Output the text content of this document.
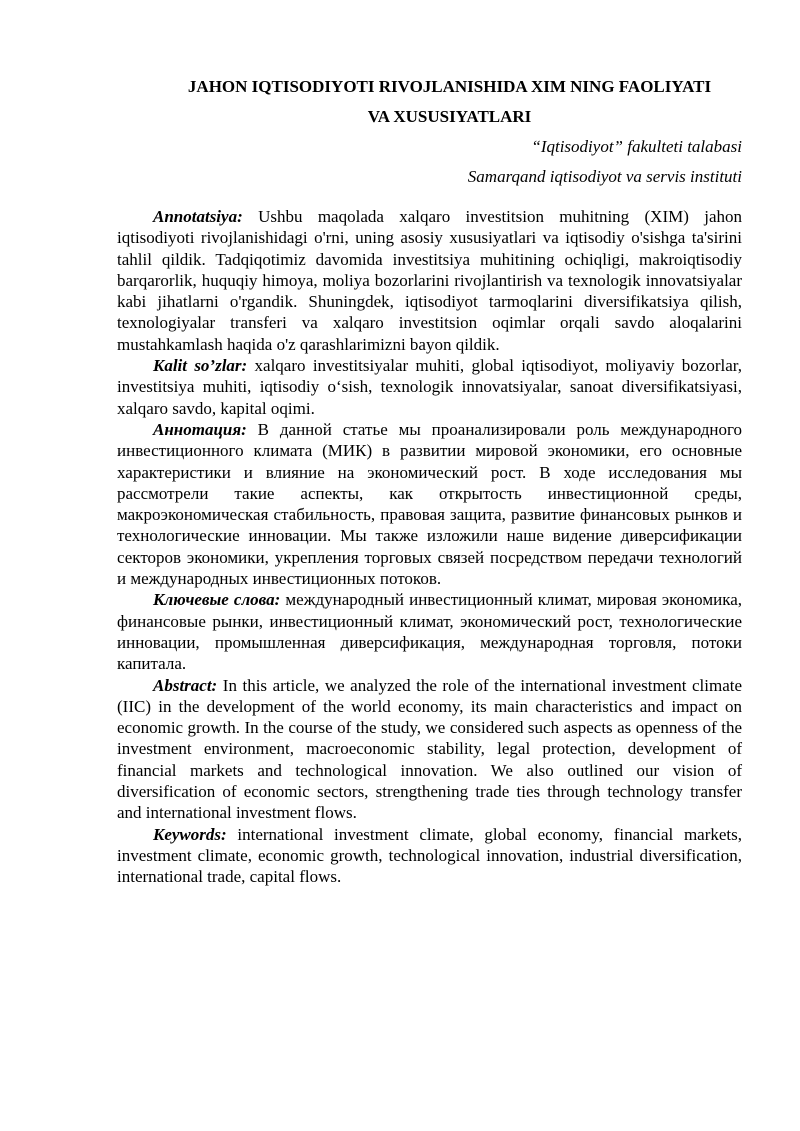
JAHON IQTISODIYOTI RIVOJLANISHIDA XIM NING FAOLIYATI

VA XUSUSIYATLARI

“Iqtisodiyot” fakulteti talabasi

Samarqand iqtisodiyot va servis instituti

Annotatsiya: Ushbu maqolada xalqaro investitsion muhitning (XIM) jahon iqtisodiyoti rivojlanishidagi o'rni, uning asosiy xususiyatlari va iqtisodiy o'sishga ta'sirini tahlil qildik. Tadqiqotimiz davomida investitsiya muhitining ochiqligi, makroiqtisodiy barqarorlik, huquqiy himoya, moliya bozorlarini rivojlantirish va texnologik innovatsiyalar kabi jihatlarni o'rgandik. Shuningdek, iqtisodiyot tarmoqlarini diversifikatsiya qilish, texnologiyalar transferi va xalqaro investitsion oqimlar orqali savdo aloqalarini mustahkamlash haqida o'z qarashlarimizni bayon qildik.

Kalit so’zlar: xalqaro investitsiyalar muhiti, global iqtisodiyot, moliyaviy bozorlar, investitsiya muhiti, iqtisodiy o‘sish, texnologik innovatsiyalar, sanoat diversifikatsiyasi, xalqaro savdo, kapital oqimi.

Аннотация: В данной статье мы проанализировали роль международного инвестиционного климата (МИК) в развитии мировой экономики, его основные характеристики и влияние на экономический рост. В ходе исследования мы рассмотрели такие аспекты, как открытость инвестиционной среды, макроэкономическая стабильность, правовая защита, развитие финансовых рынков и технологические инновации. Мы также изложили наше видение диверсификации секторов экономики, укрепления торговых связей посредством передачи технологий и международных инвестиционных потоков.

Ключевые слова: международный инвестиционный климат, мировая экономика, финансовые рынки, инвестиционный климат, экономический рост, технологические инновации, промышленная диверсификация, международная торговля, потоки капитала.

Abstract: In this article, we analyzed the role of the international investment climate (IIC) in the development of the world economy, its main characteristics and impact on economic growth. In the course of the study, we considered such aspects as openness of the investment environment, macroeconomic stability, legal protection, development of financial markets and technological innovation. We also outlined our vision of diversification of economic sectors, strengthening trade ties through technology transfer and international investment flows.

Keywords: international investment climate, global economy, financial markets, investment climate, economic growth, technological innovation, industrial diversification, international trade, capital flows.
